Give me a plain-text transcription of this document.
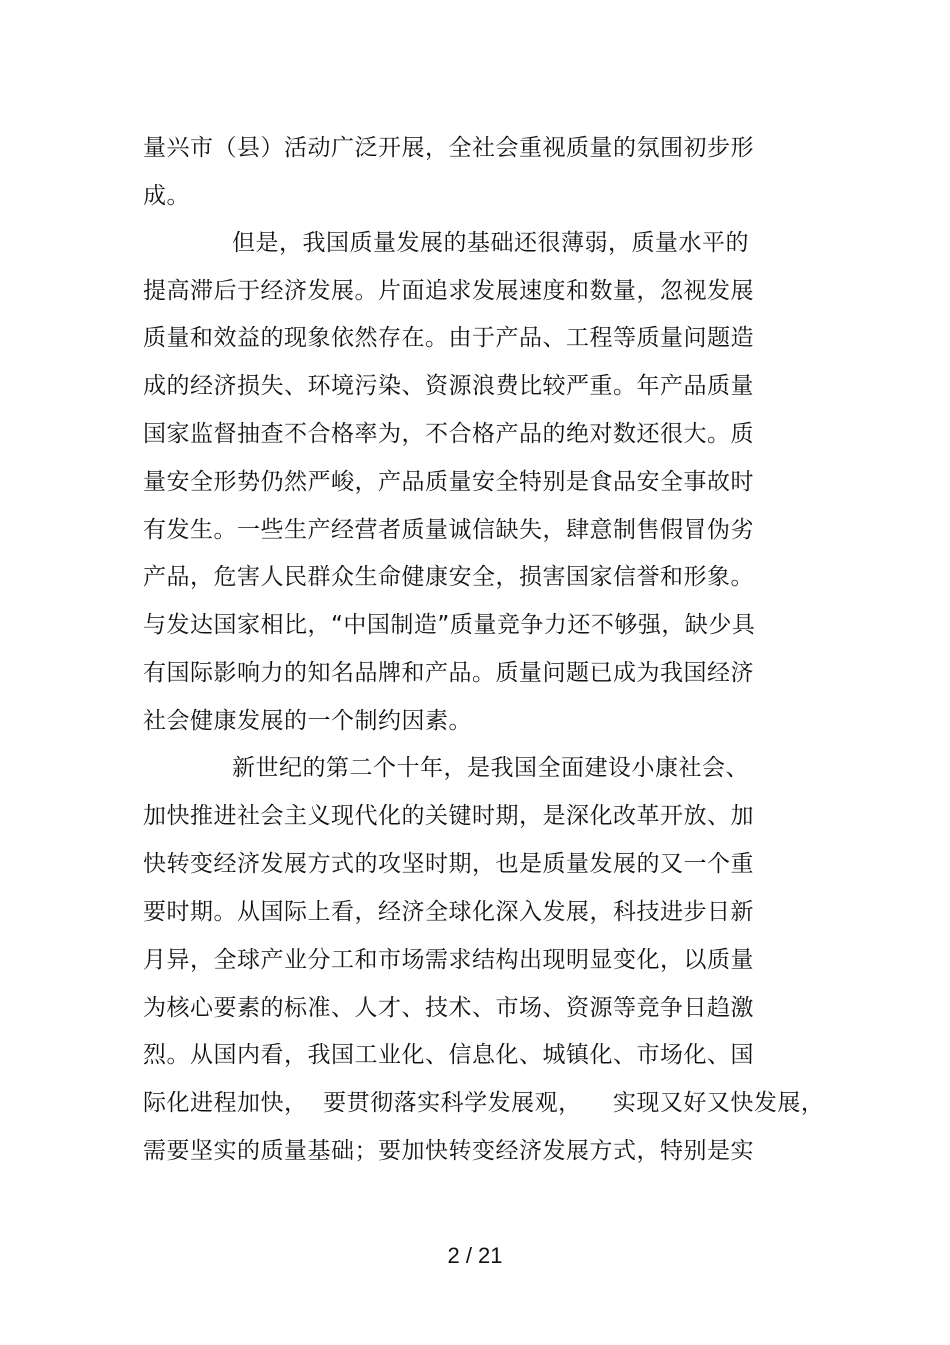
量兴市（县）活动广泛开展，全社会重视质量的氛围初步形
成。
但是，我国质量发展的基础还很薄弱，质量水平的
提高滞后于经济发展。片面追求发展速度和数量，忽视发展
质量和效益的现象依然存在。由于产品、工程等质量问题造
成的经济损失、环境污染、资源浪费比较严重。年产品质量
国家监督抽查不合格率为，不合格产品的绝对数还很大。质
量安全形势仍然严峻，产品质量安全特别是食品安全事故时
有发生。一些生产经营者质量诚信缺失，肆意制售假冒伪劣
产品，危害人民群众生命健康安全，损害国家信誉和形象。
与发达国家相比，“中国制造”质量竞争力还不够强，缺少具
有国际影响力的知名品牌和产品。质量问题已成为我国经济
社会健康发展的一个制约因素。
新世纪的第二个十年，是我国全面建设小康社会、
加快推进社会主义现代化的关键时期，是深化改革开放、加
快转变经济发展方式的攻坚时期，也是质量发展的又一个重
要时期。从国际上看，经济全球化深入发展，科技进步日新
月异，全球产业分工和市场需求结构出现明显变化，以质量
为核心要素的标准、人才、技术、市场、资源等竞争日趋激
烈。从国内看，我国工业化、信息化、城镇化、市场化、国
际化进程加快，  要贯彻落实科学发展观，    实现又好又快发展，
需要坚实的质量基础；要加快转变经济发展方式，特别是实
2 / 21
